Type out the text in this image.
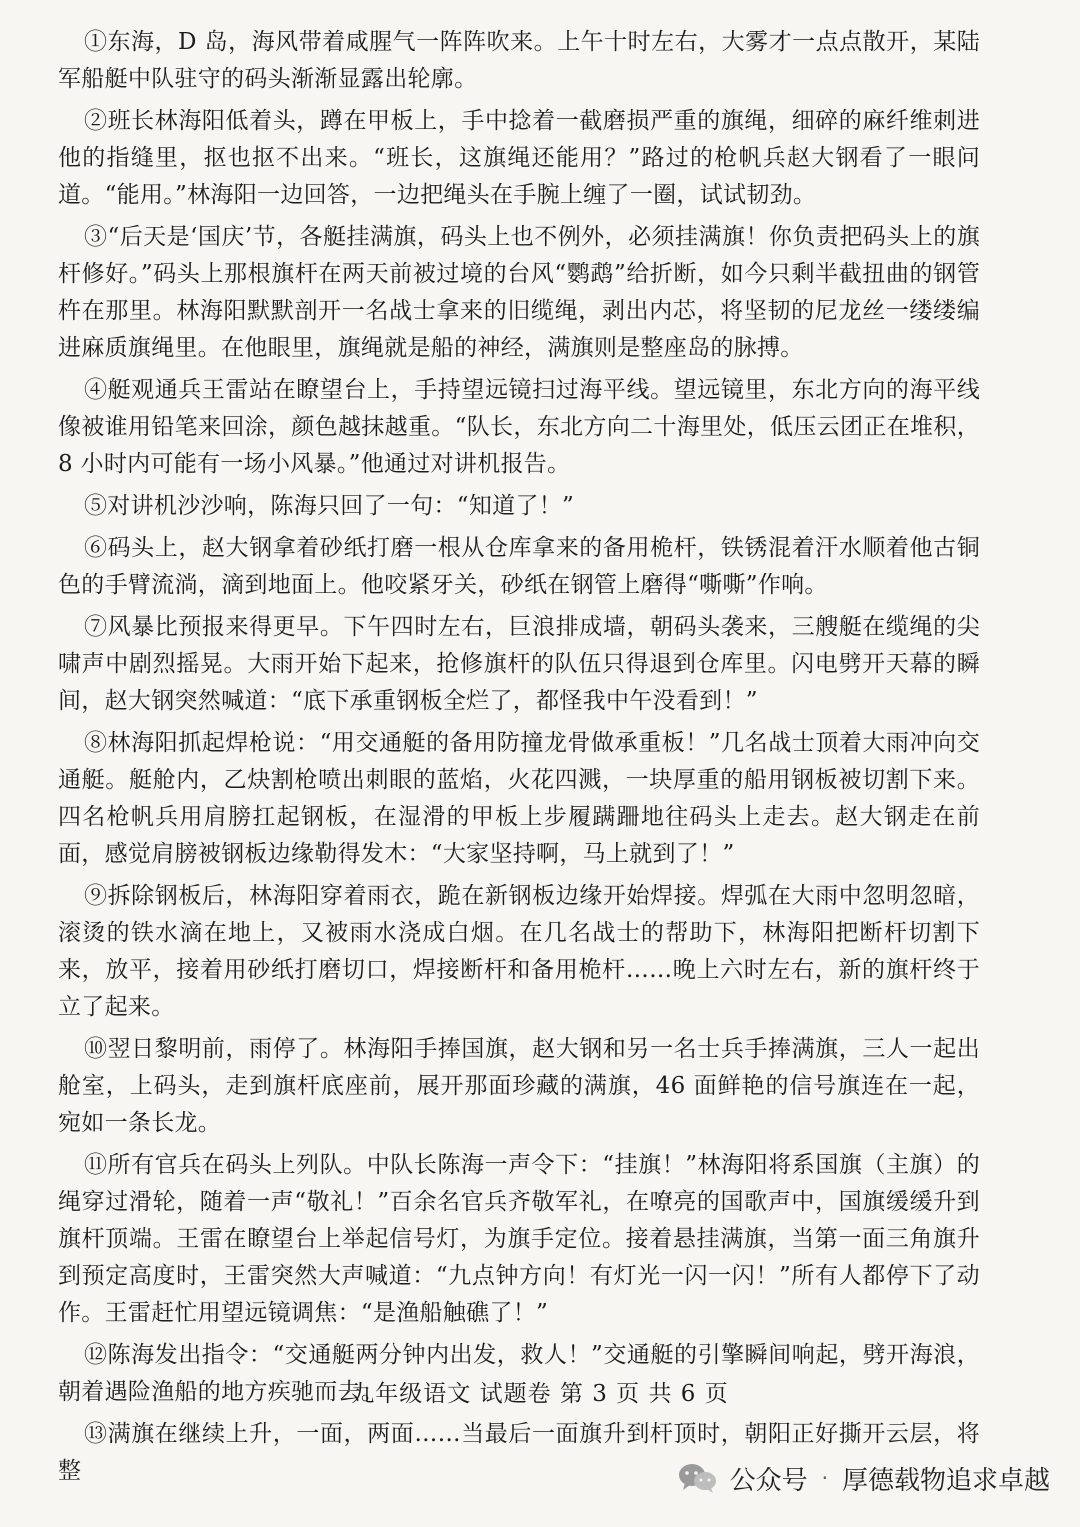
①东海，D 岛，海风带着咸腥气一阵阵吹来。上午十时左右，大雾才一点点散开，某陆军船艇中队驻守的码头渐渐显露出轮廓。

②班长林海阳低着头，蹲在甲板上，手中捻着一截磨损严重的旗绳，细碎的麻纤维刺进他的指缝里，抠也抠不出来。“班长，这旗绳还能用？”路过的枪帆兵赵大钢看了一眼问道。“能用。”林海阳一边回答，一边把绳头在手腕上缠了一圈，试试韧劲。

③“后天是‘国庆’节，各艇挂满旗，码头上也不例外，必须挂满旗！你负责把码头上的旗杆修好。”码头上那根旗杆在两天前被过境的台风“鹦鹉”给折断，如今只剩半截扭曲的钢管杵在那里。林海阳默默剖开一名战士拿来的旧缆绳，剥出内芯，将坚韧的尼龙丝一缕缕编进麻质旗绳里。在他眼里，旗绳就是船的神经，满旗则是整座岛的脉搏。

④艇观通兵王雷站在瞭望台上，手持望远镜扫过海平线。望远镜里，东北方向的海平线像被谁用铅笔来回涂，颜色越抹越重。“队长，东北方向二十海里处，低压云团正在堆积，8 小时内可能有一场小风暴。”他通过对讲机报告。

⑤对讲机沙沙响，陈海只回了一句：“知道了！”

⑥码头上，赵大钢拿着砂纸打磨一根从仓库拿来的备用桅杆，铁锈混着汗水顺着他古铜色的手臂流淌，滴到地面上。他咬紧牙关，砂纸在钢管上磨得“嘶嘶”作响。

⑦风暴比预报来得更早。下午四时左右，巨浪排成墙，朝码头袭来，三艘艇在缆绳的尖啸声中剧烈摇晃。大雨开始下起来，抢修旗杆的队伍只得退到仓库里。闪电劈开天幕的瞬间，赵大钢突然喊道：“底下承重钢板全烂了，都怪我中午没看到！”

⑧林海阳抓起焊枪说：“用交通艇的备用防撞龙骨做承重板！”几名战士顶着大雨冲向交通艇。艇舱内，乙炔割枪喷出刺眼的蓝焰，火花四溅，一块厚重的船用钢板被切割下来。四名枪帆兵用肩膀扛起钢板，在湿滑的甲板上步履蹒跚地往码头上走去。赵大钢走在前面，感觉肩膀被钢板边缘勒得发木：“大家坚持啊，马上就到了！”

⑨拆除钢板后，林海阳穿着雨衣，跪在新钢板边缘开始焊接。焊弧在大雨中忽明忽暗，滚烫的铁水滴在地上，又被雨水浇成白烟。在几名战士的帮助下，林海阳把断杆切割下来，放平，接着用砂纸打磨切口，焊接断杆和备用桅杆……晚上六时左右，新的旗杆终于立了起来。

⑩翌日黎明前，雨停了。林海阳手捧国旗，赵大钢和另一名士兵手捧满旗，三人一起出舱室，上码头，走到旗杆底座前，展开那面珍藏的满旗，46 面鲜艳的信号旗连在一起，宛如一条长龙。

⑪所有官兵在码头上列队。中队长陈海一声令下：“挂旗！”林海阳将系国旗（主旗）的绳穿过滑轮，随着一声“敬礼！”百余名官兵齐敬军礼，在嘹亮的国歌声中，国旗缓缓升到旗杆顶端。王雷在瞭望台上举起信号灯，为旗手定位。接着悬挂满旗，当第一面三角旗升到预定高度时，王雷突然大声喊道：“九点钟方向！有灯光一闪一闪！”所有人都停下了动作。王雷赶忙用望远镜调焦：“是渔船触礁了！”

⑫陈海发出指令：“交通艇两分钟内出发，救人！”交通艇的引擎瞬间响起，劈开海浪，朝着遇险渔船的地方疾驰而去。

⑬满旗在继续上升，一面，两面……当最后一面旗升到杆顶时，朝阳正好撕开云层，将整

九年级语文 试题卷 第 3 页 共 6 页
公众号 · 厚德载物追求卓越
